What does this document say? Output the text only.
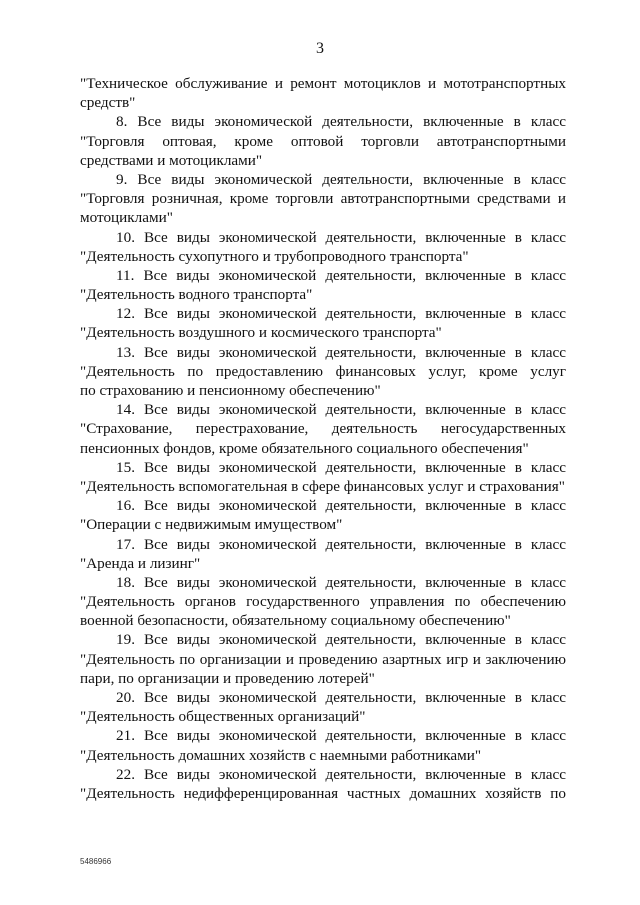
3
"Техническое обслуживание и ремонт мотоциклов и мототранспортных
средств"
8. Все виды экономической деятельности, включенные в класс
"Торговля оптовая, кроме оптовой торговли автотранспортными
средствами и мотоциклами"
9. Все виды экономической деятельности, включенные в класс
"Торговля розничная, кроме торговли автотранспортными средствами и
мотоциклами"
10. Все виды экономической деятельности, включенные в класс
"Деятельность сухопутного и трубопроводного транспорта"
11. Все виды экономической деятельности, включенные в класс
"Деятельность водного транспорта"
12. Все виды экономической деятельности, включенные в класс
"Деятельность воздушного и космического транспорта"
13. Все виды экономической деятельности, включенные в класс
"Деятельность по предоставлению финансовых услуг, кроме услуг
по страхованию и пенсионному обеспечению"
14. Все виды экономической деятельности, включенные в класс
"Страхование, перестрахование, деятельность негосударственных
пенсионных фондов, кроме обязательного социального обеспечения"
15. Все виды экономической деятельности, включенные в класс
"Деятельность вспомогательная в сфере финансовых услуг и страхования"
16. Все виды экономической деятельности, включенные в класс
"Операции с недвижимым имуществом"
17. Все виды экономической деятельности, включенные в класс
"Аренда и лизинг"
18. Все виды экономической деятельности, включенные в класс
"Деятельность органов государственного управления по обеспечению
военной безопасности, обязательному социальному обеспечению"
19. Все виды экономической деятельности, включенные в класс
"Деятельность по организации и проведению азартных игр и заключению
пари, по организации и проведению лотерей"
20. Все виды экономической деятельности, включенные в класс
"Деятельность общественных организаций"
21. Все виды экономической деятельности, включенные в класс
"Деятельность домашних хозяйств с наемными работниками"
22. Все виды экономической деятельности, включенные в класс
"Деятельность недифференцированная частных домашних хозяйств по
5486966
